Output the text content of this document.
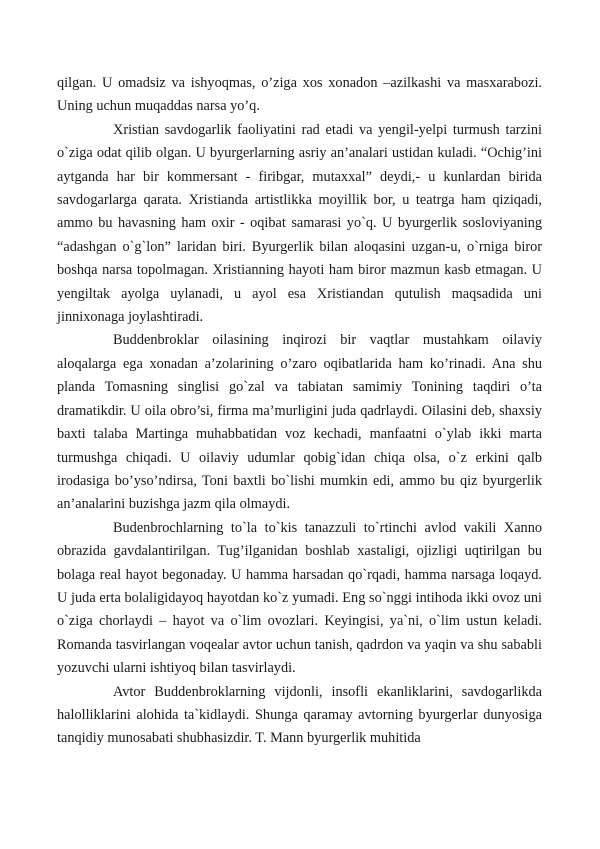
qilgan. U omadsiz va ishyoqmas, o’ziga xos xonadon –azilkashi va masxarabozi. Uning uchun muqaddas narsa yo’q.

Xristian savdogarlik faoliyatini rad etadi va yengil-yelpi turmush tarzini o`ziga odat qilib olgan. U byurgerlarning asriy an’analari ustidan kuladi. “Ochig’ini aytganda har bir kommersant - firibgar, mutaxxal” deydi,- u kunlardan birida savdogarlarga qarata. Xristianda artistlikka moyillik bor, u teatrga ham qiziqadi, ammo bu havasning ham oxir - oqibat samarasi yo`q. U byurgerlik sosloviyaning “adashgan o`g`lon” laridan biri. Byurgerlik bilan aloqasini uzgan-u, o`rniga biror boshqa narsa topolmagan. Xristianning hayoti ham biror mazmun kasb etmagan. U yengiltak ayolga uylanadi, u ayol esa Xristiandan qutulish maqsadida uni jinnixonaga joylashtiradi.

Buddenbroklar oilasining inqirozi bir vaqtlar mustahkam oilaviy aloqalarga ega xonadan a’zolarining o’zaro oqibatlarida ham ko’rinadi. Ana shu planda Tomasning singlisi go`zal va tabiatan samimiy Tonining taqdiri o’ta dramatikdir. U oila obro’si, firma ma’murligini juda qadrlaydi. Oilasini deb, shaxsiy baxti talaba Martinga muhabbatidan voz kechadi, manfaatni o`ylab ikki marta turmushga chiqadi. U oilaviy udumlar qobig`idan chiqa olsa, o`z erkini qalb irodasiga bo’yso’ndirsa, Toni baxtli bo`lishi mumkin edi, ammo bu qiz byurgerlik an’analarini buzishga jazm qila olmaydi.

Budenbrochlarning to`la to`kis tanazzuli to`rtinchi avlod vakili Xanno obrazida gavdalantirilgan. Tug’ilganidan boshlab xastaligi, ojizligi uqtirilgan bu bolaga real hayot begonaday. U hamma harsadan qo`rqadi, hamma narsaga loqayd. U juda erta bolaligidayoq hayotdan ko`z yumadi. Eng so`nggi intihoda ikki ovoz uni o`ziga chorlaydi – hayot va o`lim ovozlari. Keyingisi, ya`ni, o`lim ustun keladi. Romanda tasvirlangan voqealar avtor uchun tanish, qadrdon va yaqin va shu sababli yozuvchi ularni ishtiyoq bilan tasvirlaydi.

Avtor Buddenbroklarning vijdonli, insofli ekanliklarini, savdogarlikda halolliklarini alohida ta`kidlaydi. Shunga qaramay avtorning byurgerlar dunyosiga tanqidiy munosabati shubhasizdir. T. Mann byurgerlik muhitida
